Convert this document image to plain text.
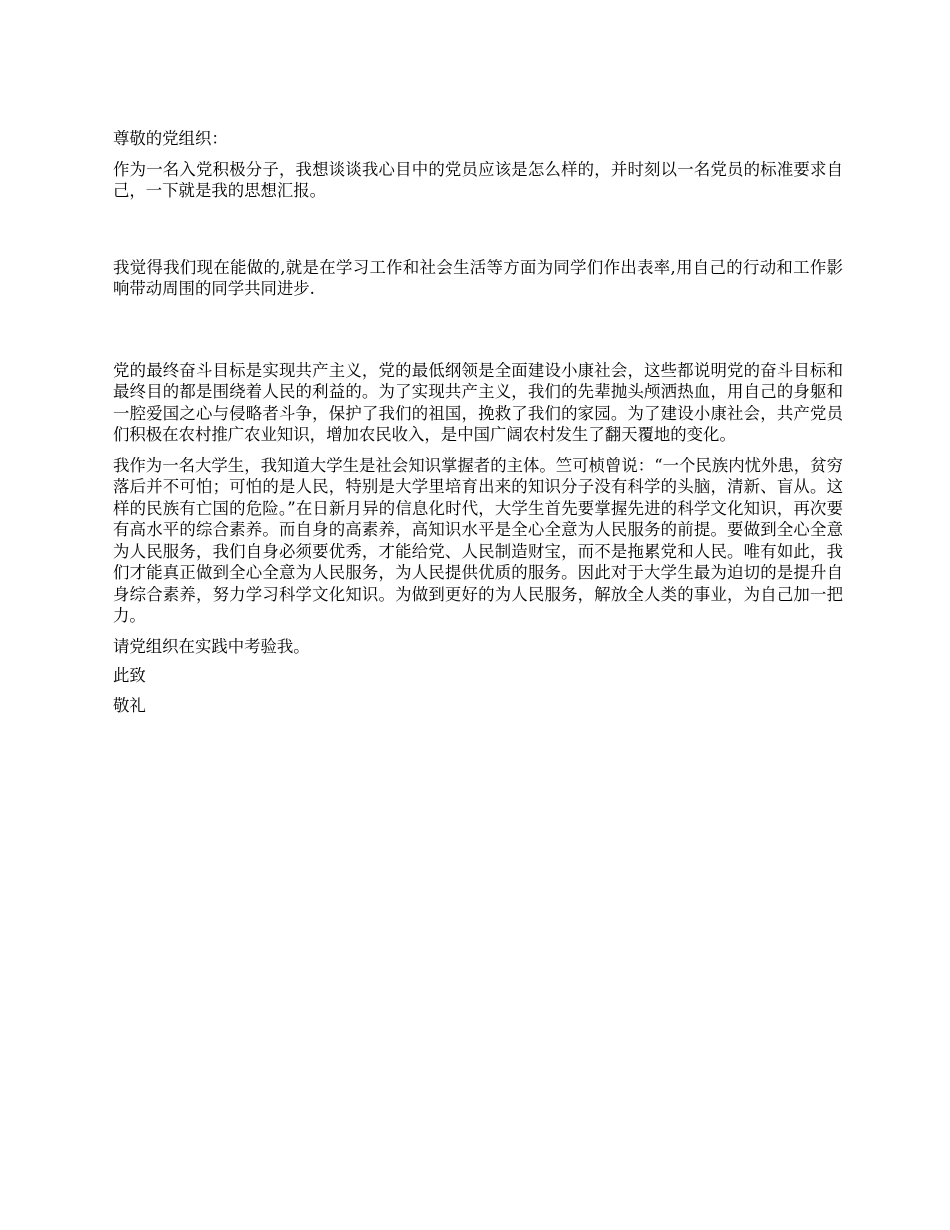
尊敬的党组织：

作为一名入党积极分子，我想谈谈我心目中的党员应该是怎么样的，并时刻以一名党员的标准要求自己，一下就是我的思想汇报。

我觉得我们现在能做的,就是在学习工作和社会生活等方面为同学们作出表率,用自己的行动和工作影响带动周围的同学共同进步.

党的最终奋斗目标是实现共产主义，党的最低纲领是全面建设小康社会，这些都说明党的奋斗目标和最终目的都是围绕着人民的利益的。为了实现共产主义，我们的先辈抛头颅洒热血，用自己的身躯和一腔爱国之心与侵略者斗争，保护了我们的祖国，挽救了我们的家园。为了建设小康社会，共产党员们积极在农村推广农业知识，增加农民收入，是中国广阔农村发生了翻天覆地的变化。

我作为一名大学生，我知道大学生是社会知识掌握者的主体。竺可桢曾说：“一个民族内忧外患，贫穷落后并不可怕；可怕的是人民，特别是大学里培育出来的知识分子没有科学的头脑，清新、盲从。这样的民族有亡国的危险。”在日新月异的信息化时代，大学生首先要掌握先进的科学文化知识，再次要有高水平的综合素养。而自身的高素养，高知识水平是全心全意为人民服务的前提。要做到全心全意为人民服务，我们自身必须要优秀，才能给党、人民制造财宝，而不是拖累党和人民。唯有如此，我们才能真正做到全心全意为人民服务，为人民提供优质的服务。因此对于大学生最为迫切的是提升自身综合素养，努力学习科学文化知识。为做到更好的为人民服务，解放全人类的事业，为自己加一把力。

请党组织在实践中考验我。

此致

敬礼
